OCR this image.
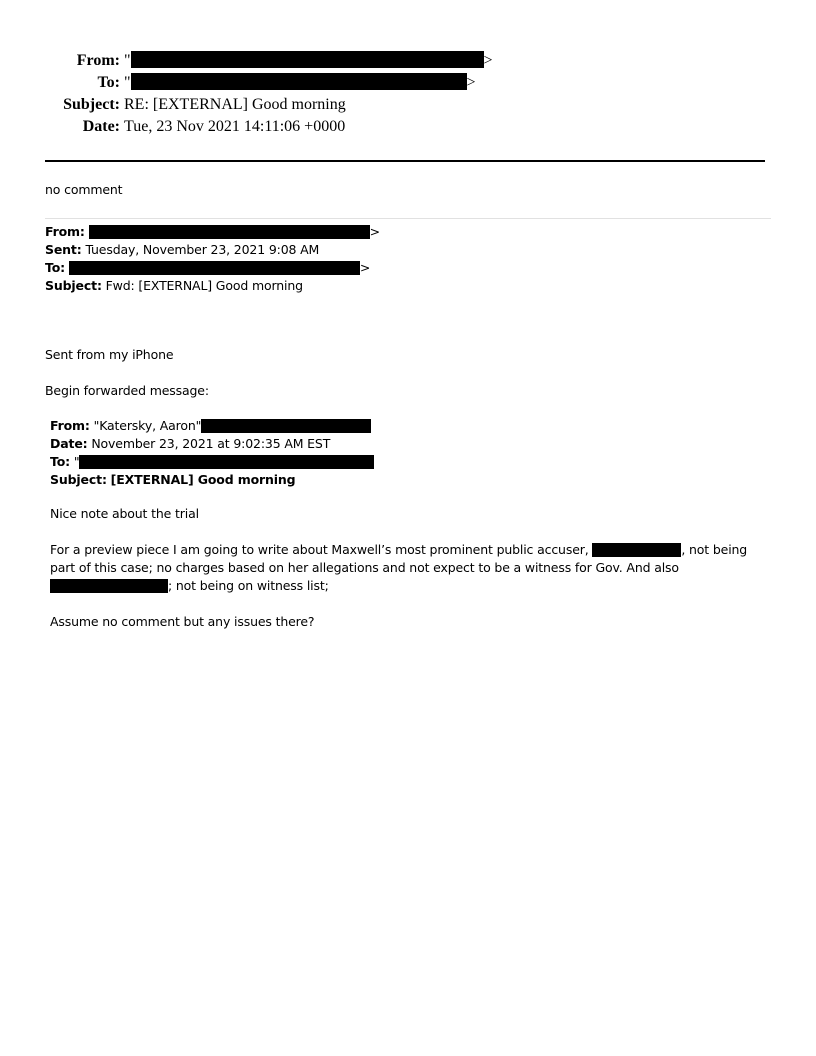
From: "	>
To: "	>
Subject: RE: [EXTERNAL] Good morning
Date: Tue, 23 Nov 2021 14:11:06 +0000
no comment
From:	>
Sent: Tuesday, November 23, 2021 9:08 AM
To:	>
Subject: Fwd: [EXTERNAL] Good morning
Sent from my iPhone
Begin forwarded message:
From: "Katersky, Aaron"
Date: November 23, 2021 at 9:02:35 AM EST
To: "
Subject: [EXTERNAL] Good morning

Nice note about the trial

For a preview piece I am going to write about Maxwell’s most prominent public accuser,	, not being part of this case; no charges based on her allegations and not expect to be a witness for Gov. And also ; not being on witness list;

Assume no comment but any issues there?
